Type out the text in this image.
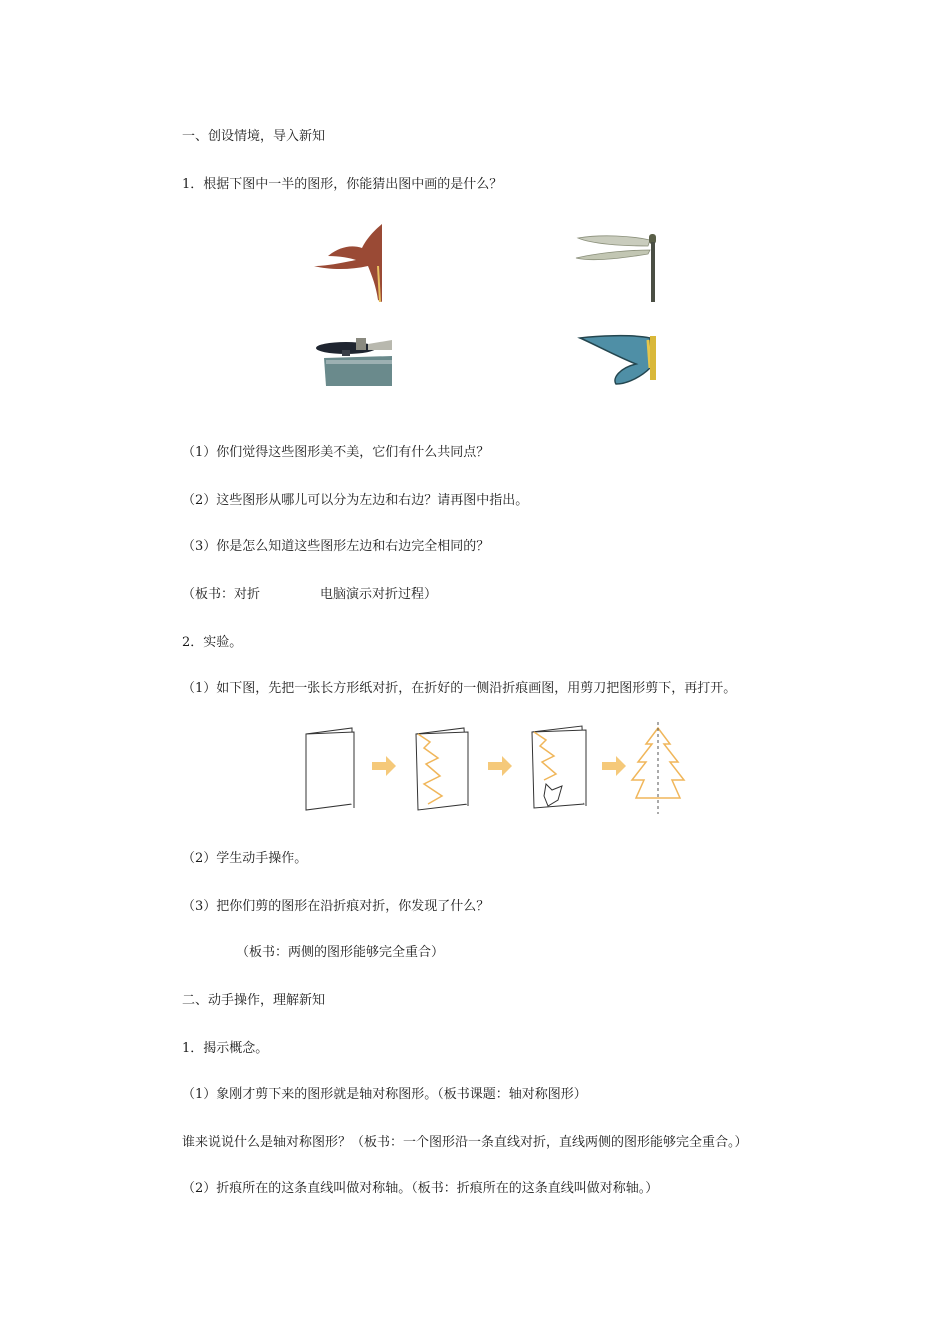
一、创设情境，导入新知
1．根据下图中一半的图形，你能猜出图中画的是什么？
（1）你们觉得这些图形美不美，它们有什么共同点？
（2）这些图形从哪儿可以分为左边和右边？请再图中指出。
（3）你是怎么知道这些图形左边和右边完全相同的？
（板书：对折	电脑演示对折过程）
2．实验。
（1）如下图，先把一张长方形纸对折，在折好的一侧沿折痕画图，用剪刀把图形剪下，再打开。
（2）学生动手操作。
（3）把你们剪的图形在沿折痕对折，你发现了什么？
（板书：两侧的图形能够完全重合）
二、动手操作，理解新知
1．揭示概念。
（1）象刚才剪下来的图形就是轴对称图形。（板书课题：轴对称图形）
谁来说说什么是轴对称图形？（板书：一个图形沿一条直线对折，直线两侧的图形能够完全重合。）
（2）折痕所在的这条直线叫做对称轴。（板书：折痕所在的这条直线叫做对称轴。）
